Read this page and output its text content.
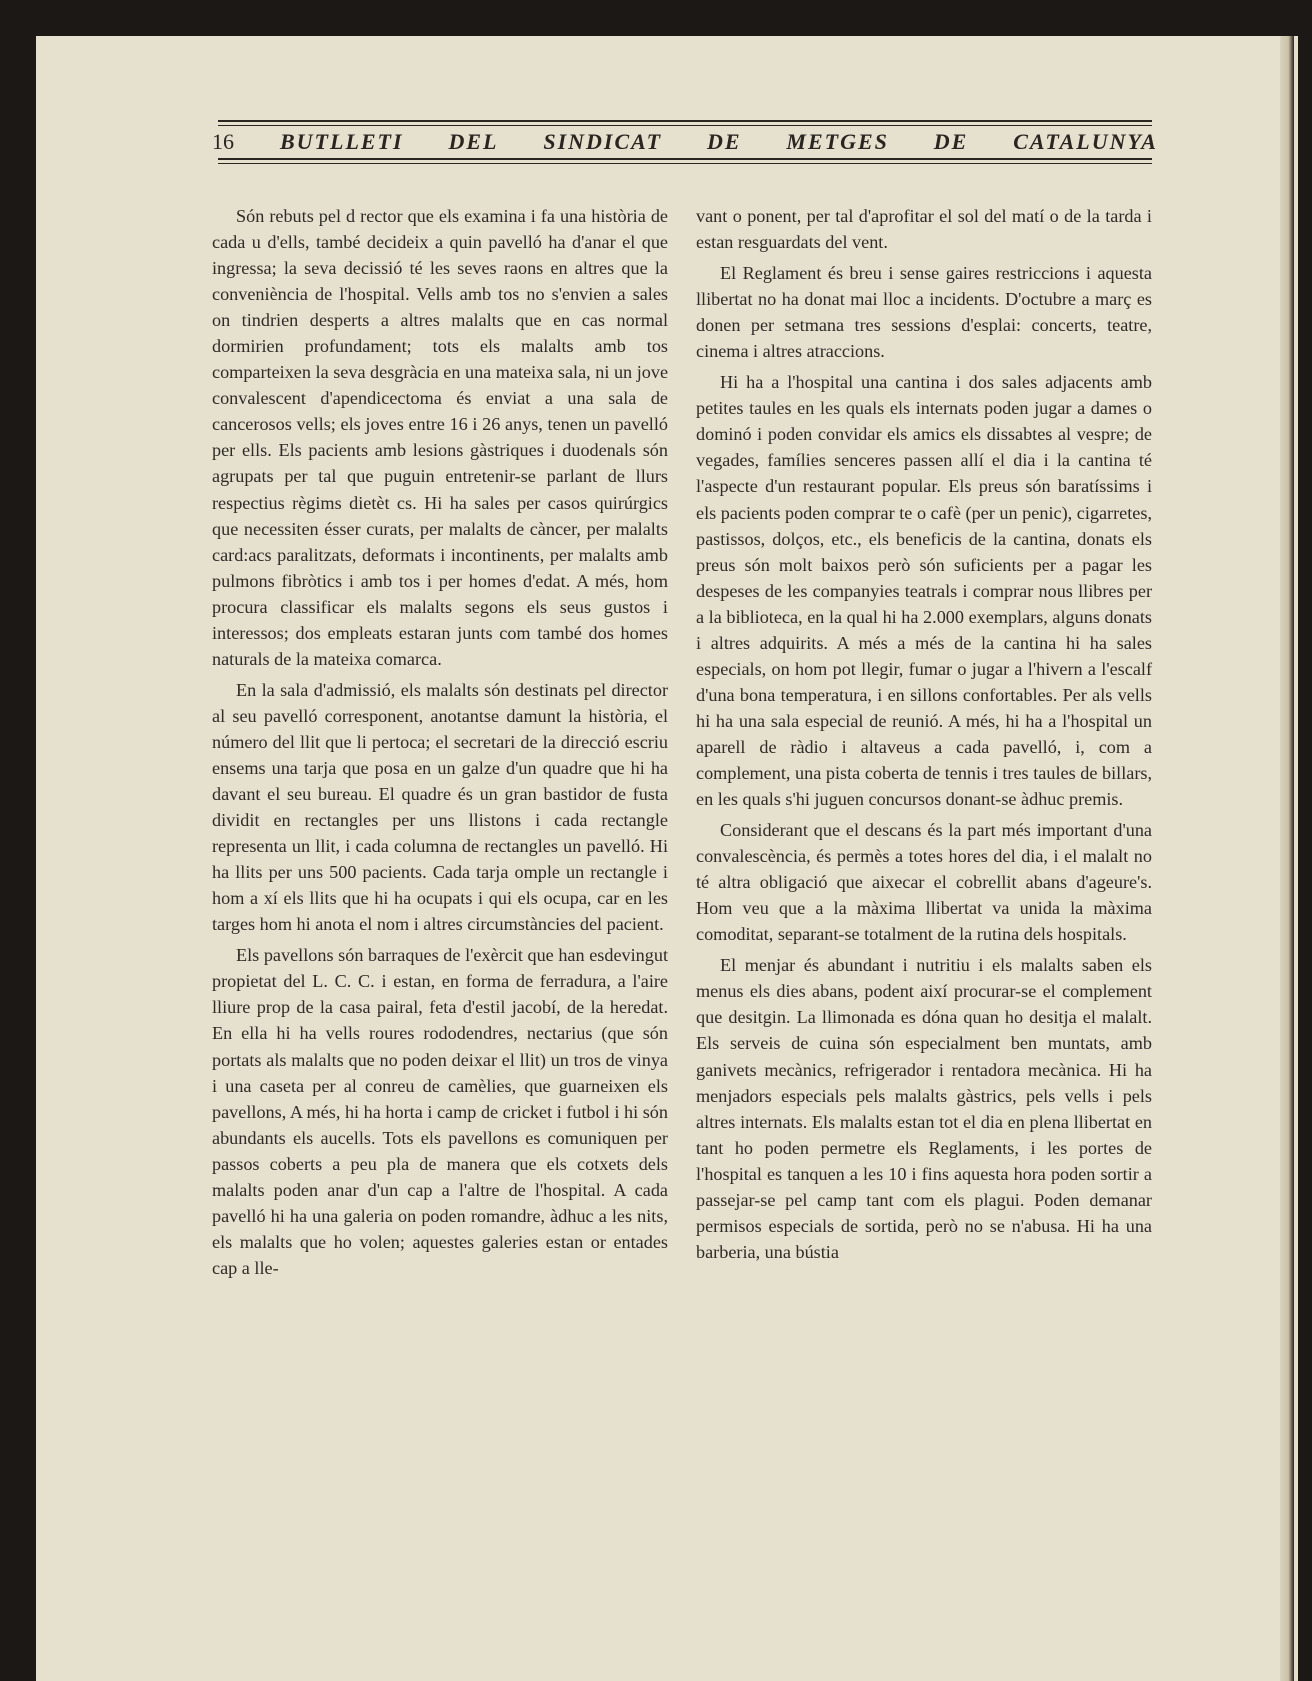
16	BUTLLETI DEL SINDICAT DE METGES DE CATALUNYA

Són rebuts pel d rector que els examina i fa una història de cada u d'ells, també decideix a quin pavelló ha d'anar el que ingressa; la seva decissió té les seves raons en altres que la conveniència de l'hospital. Vells amb tos no s'envien a sales on tindrien desperts a altres malalts que en cas normal dormirien profundament; tots els malalts amb tos comparteixen la seva desgràcia en una mateixa sala, ni un jove convalescent d'apendicectoma és enviat a una sala de cancerosos vells; els joves entre 16 i 26 anys, tenen un pavelló per ells. Els pacients amb lesions gàstriques i duodenals són agrupats per tal que puguin entretenir-se parlant de llurs respectius règims dietèt cs. Hi ha sales per casos quirúrgics que necessiten ésser curats, per malalts de càncer, per malalts card:acs paralitzats, deformats i incontinents, per malalts amb pulmons fibròtics i amb tos i per homes d'edat. A més, hom procura classificar els malalts segons els seus gustos i interessos; dos empleats estaran junts com també dos homes naturals de la mateixa comarca.

En la sala d'admissió, els malalts són destinats pel director al seu pavelló corresponent, anotantse damunt la història, el número del llit que li pertoca; el secretari de la direcció escriu ensems una tarja que posa en un galze d'un quadre que hi ha davant el seu bureau. El quadre és un gran bastidor de fusta dividit en rectangles per uns llistons i cada rectangle representa un llit, i cada columna de rectangles un pavelló. Hi ha llits per uns 500 pacients. Cada tarja omple un rectangle i hom a xí els llits que hi ha ocupats i qui els ocupa, car en les targes hom hi anota el nom i altres circumstàncies del pacient.

Els pavellons són barraques de l'exèrcit que han esdevingut propietat del L. C. C. i estan, en forma de ferradura, a l'aire lliure prop de la casa pairal, feta d'estil jacobí, de la heredat. En ella hi ha vells roures rododendres, nectarius (que són portats als malalts que no poden deixar el llit) un tros de vinya i una caseta per al conreu de camèlies, que guarneixen els pavellons, A més, hi ha horta i camp de cricket i futbol i hi són abundants els aucells. Tots els pavellons es comuniquen per passos coberts a peu pla de manera que els cotxets dels malalts poden anar d'un cap a l'altre de l'hospital. A cada pavelló hi ha una galeria on poden romandre, àdhuc a les nits, els malalts que ho volen; aquestes galeries estan or entades cap a lle-

vant o ponent, per tal d'aprofitar el sol del matí o de la tarda i estan resguardats del vent.

El Reglament és breu i sense gaires restriccions i aquesta llibertat no ha donat mai lloc a incidents. D'octubre a març es donen per setmana tres sessions d'esplai: concerts, teatre, cinema i altres atraccions.

Hi ha a l'hospital una cantina i dos sales adjacents amb petites taules en les quals els internats poden jugar a dames o dominó i poden convidar els amics els dissabtes al vespre; de vegades, famílies senceres passen allí el dia i la cantina té l'aspecte d'un restaurant popular. Els preus són baratíssims i els pacients poden comprar te o cafè (per un penic), cigarretes, pastissos, dolços, etc., els beneficis de la cantina, donats els preus són molt baixos però són suficients per a pagar les despeses de les companyies teatrals i comprar nous llibres per a la biblioteca, en la qual hi ha 2.000 exemplars, alguns donats i altres adquirits. A més a més de la cantina hi ha sales especials, on hom pot llegir, fumar o jugar a l'hivern a l'escalf d'una bona temperatura, i en sillons confortables. Per als vells hi ha una sala especial de reunió. A més, hi ha a l'hospital un aparell de ràdio i altaveus a cada pavelló, i, com a complement, una pista coberta de tennis i tres taules de billars, en les quals s'hi juguen concursos donant-se àdhuc premis.

Considerant que el descans és la part més important d'una convalescència, és permès a totes hores del dia, i el malalt no té altra obligació que aixecar el cobrellit abans d'ageure's. Hom veu que a la màxima llibertat va unida la màxima comoditat, separant-se totalment de la rutina dels hospitals.

El menjar és abundant i nutritiu i els malalts saben els menus els dies abans, podent així procurar-se el complement que desitgin. La llimonada es dóna quan ho desitja el malalt. Els serveis de cuina són especialment ben muntats, amb ganivets mecànics, refrigerador i rentadora mecànica. Hi ha menjadors especials pels malalts gàstrics, pels vells i pels altres internats. Els malalts estan tot el dia en plena llibertat en tant ho poden permetre els Reglaments, i les portes de l'hospital es tanquen a les 10 i fins aquesta hora poden sortir a passejar-se pel camp tant com els plagui. Poden demanar permisos especials de sortida, però no se n'abusa. Hi ha una barberia, una bústia
